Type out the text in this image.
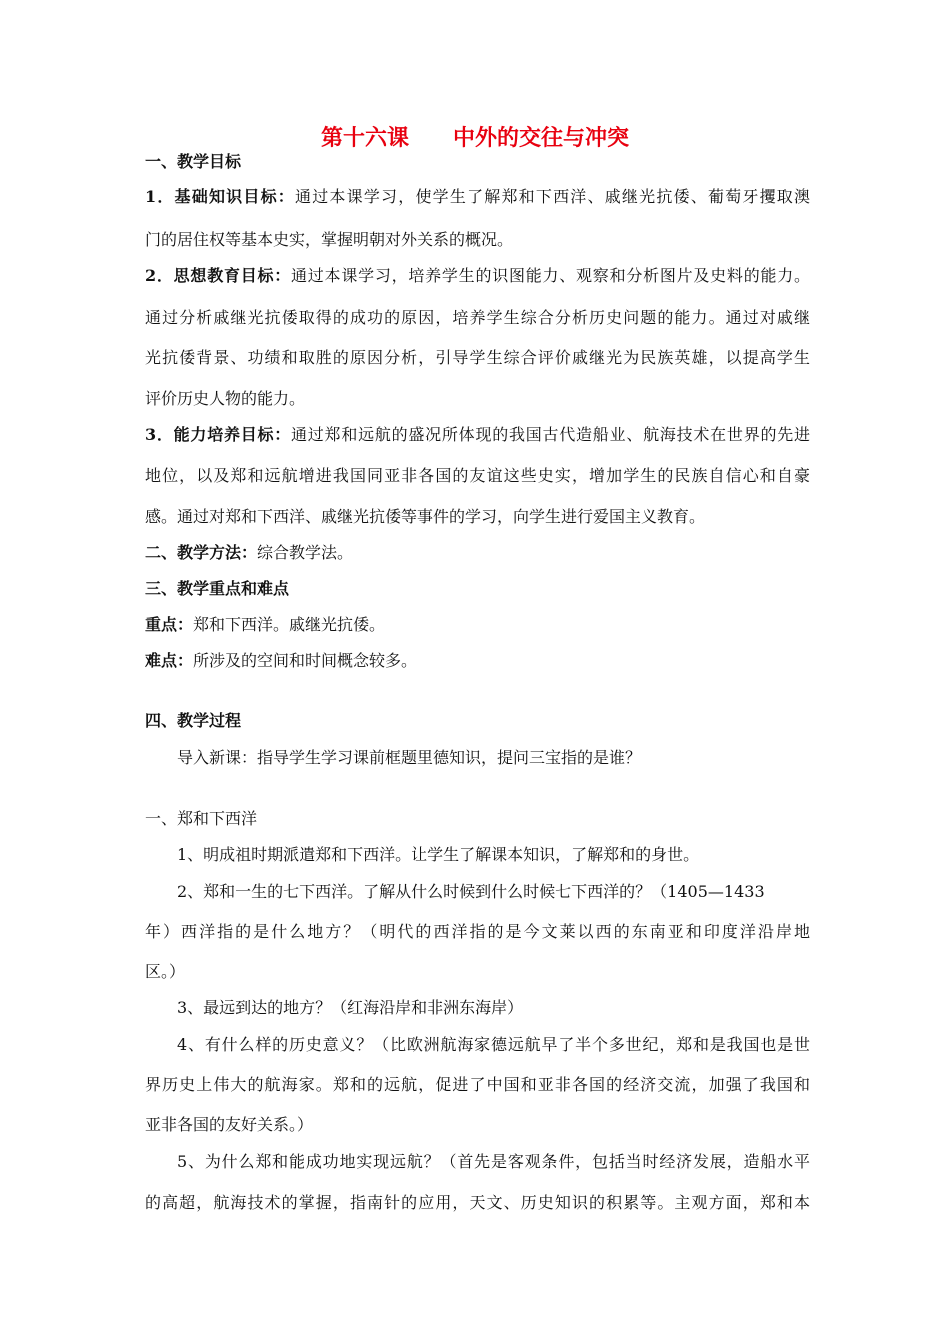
第十六课　　中外的交往与冲突
一、教学目标
1．基础知识目标：通过本课学习，使学生了解郑和下西洋、戚继光抗倭、葡萄牙攫取澳
门的居住权等基本史实，掌握明朝对外关系的概况。
2．思想教育目标：通过本课学习，培养学生的识图能力、观察和分析图片及史料的能力。
通过分析戚继光抗倭取得的成功的原因，培养学生综合分析历史问题的能力。通过对戚继
光抗倭背景、功绩和取胜的原因分析，引导学生综合评价戚继光为民族英雄，以提高学生
评价历史人物的能力。
3．能力培养目标：通过郑和远航的盛况所体现的我国古代造船业、航海技术在世界的先进
地位，以及郑和远航增进我国同亚非各国的友谊这些史实，增加学生的民族自信心和自豪
感。通过对郑和下西洋、戚继光抗倭等事件的学习，向学生进行爱国主义教育。
二、教学方法：综合教学法。
三、教学重点和难点
重点：郑和下西洋。戚继光抗倭。
难点：所涉及的空间和时间概念较多。
四、教学过程
导入新课：指导学生学习课前框题里德知识，提问三宝指的是谁？
一、郑和下西洋
1、明成祖时期派遣郑和下西洋。让学生了解课本知识，了解郑和的身世。
2、郑和一生的七下西洋。了解从什么时候到什么时候七下西洋的？（1405—1433
年）西洋指的是什么地方？（明代的西洋指的是今文莱以西的东南亚和印度洋沿岸地
区。）
3、最远到达的地方？（红海沿岸和非洲东海岸）
4、有什么样的历史意义？（比欧洲航海家德远航早了半个多世纪，郑和是我国也是世
界历史上伟大的航海家。郑和的远航，促进了中国和亚非各国的经济交流，加强了我国和
亚非各国的友好关系。）
5、为什么郑和能成功地实现远航？（首先是客观条件，包括当时经济发展，造船水平
的高超，航海技术的掌握，指南针的应用，天文、历史知识的积累等。主观方面，郑和本
